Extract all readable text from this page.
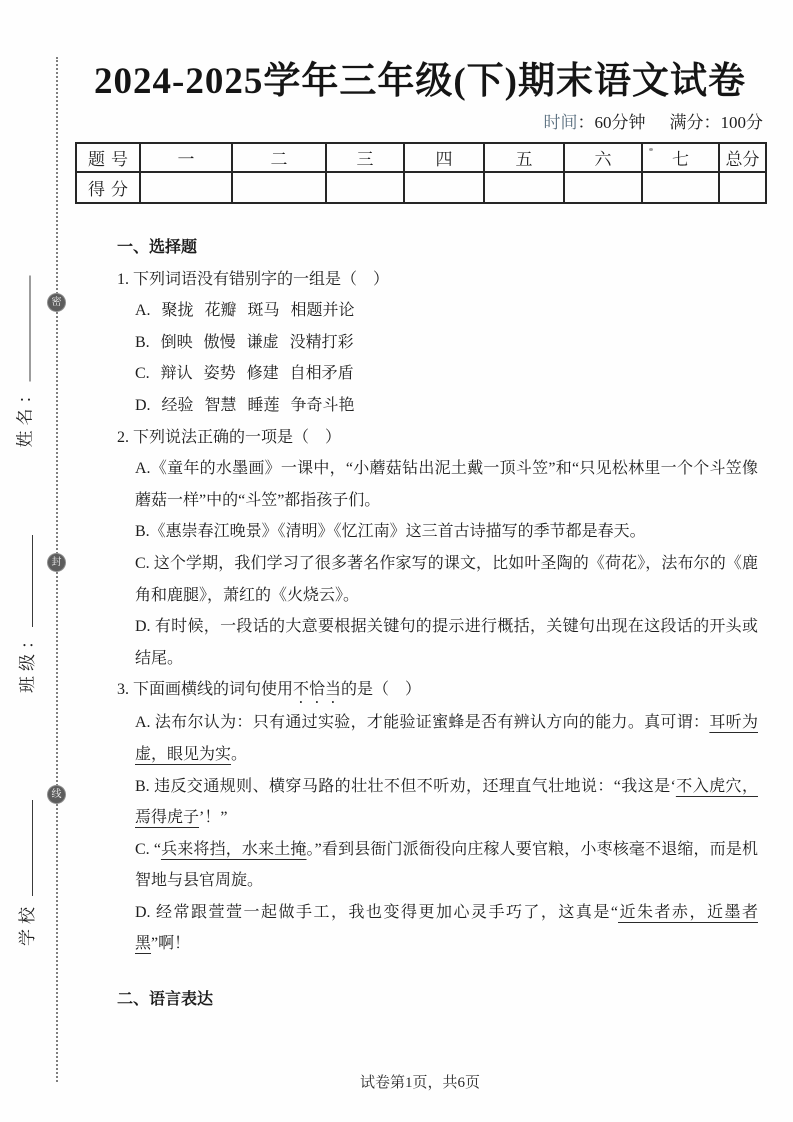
密
封
线
姓名：
班级：
学校
2024-2025学年三年级(下)期末语文试卷
时间：60分钟 满分：100分
题号	一	二	三	四	五	六	七	总分
得分								

一、选择题

1. 下列词语没有错别字的一组是（　）

A. 聚拢 花瓣 斑马 相题并论

B. 倒映 傲慢 谦虚 没精打彩

C. 辩认 姿势 修建 自相矛盾

D. 经验 智慧 睡莲 争奇斗艳

2. 下列说法正确的一项是（　）

A.《童年的水墨画》一课中，“小蘑菇钻出泥土戴一顶斗笠”和“只见松林里一个个斗笠像蘑菇一样”中的“斗笠”都指孩子们。

B.《惠崇春江晚景》《清明》《忆江南》这三首古诗描写的季节都是春天。

C. 这个学期，我们学习了很多著名作家写的课文，比如叶圣陶的《荷花》，法布尔的《鹿角和鹿腿》，萧红的《火烧云》。

D. 有时候，一段话的大意要根据关键句的提示进行概括，关键句出现在这段话的开头或结尾。

3. 下面画横线的词句使用不恰当的是（　）

A. 法布尔认为：只有通过实验，才能验证蜜蜂是否有辨认方向的能力。真可谓：耳听为虚，眼见为实。

B. 违反交通规则、横穿马路的壮壮不但不听劝，还理直气壮地说：“我这是‘不入虎穴，焉得虎子’！”

C. “兵来将挡，水来土掩。”看到县衙门派衙役向庄稼人要官粮，小枣核毫不退缩，而是机智地与县官周旋。

D. 经常跟萱萱一起做手工，我也变得更加心灵手巧了，这真是“近朱者赤，近墨者黑”啊！

二、语言表达

试卷第1页，共6页
